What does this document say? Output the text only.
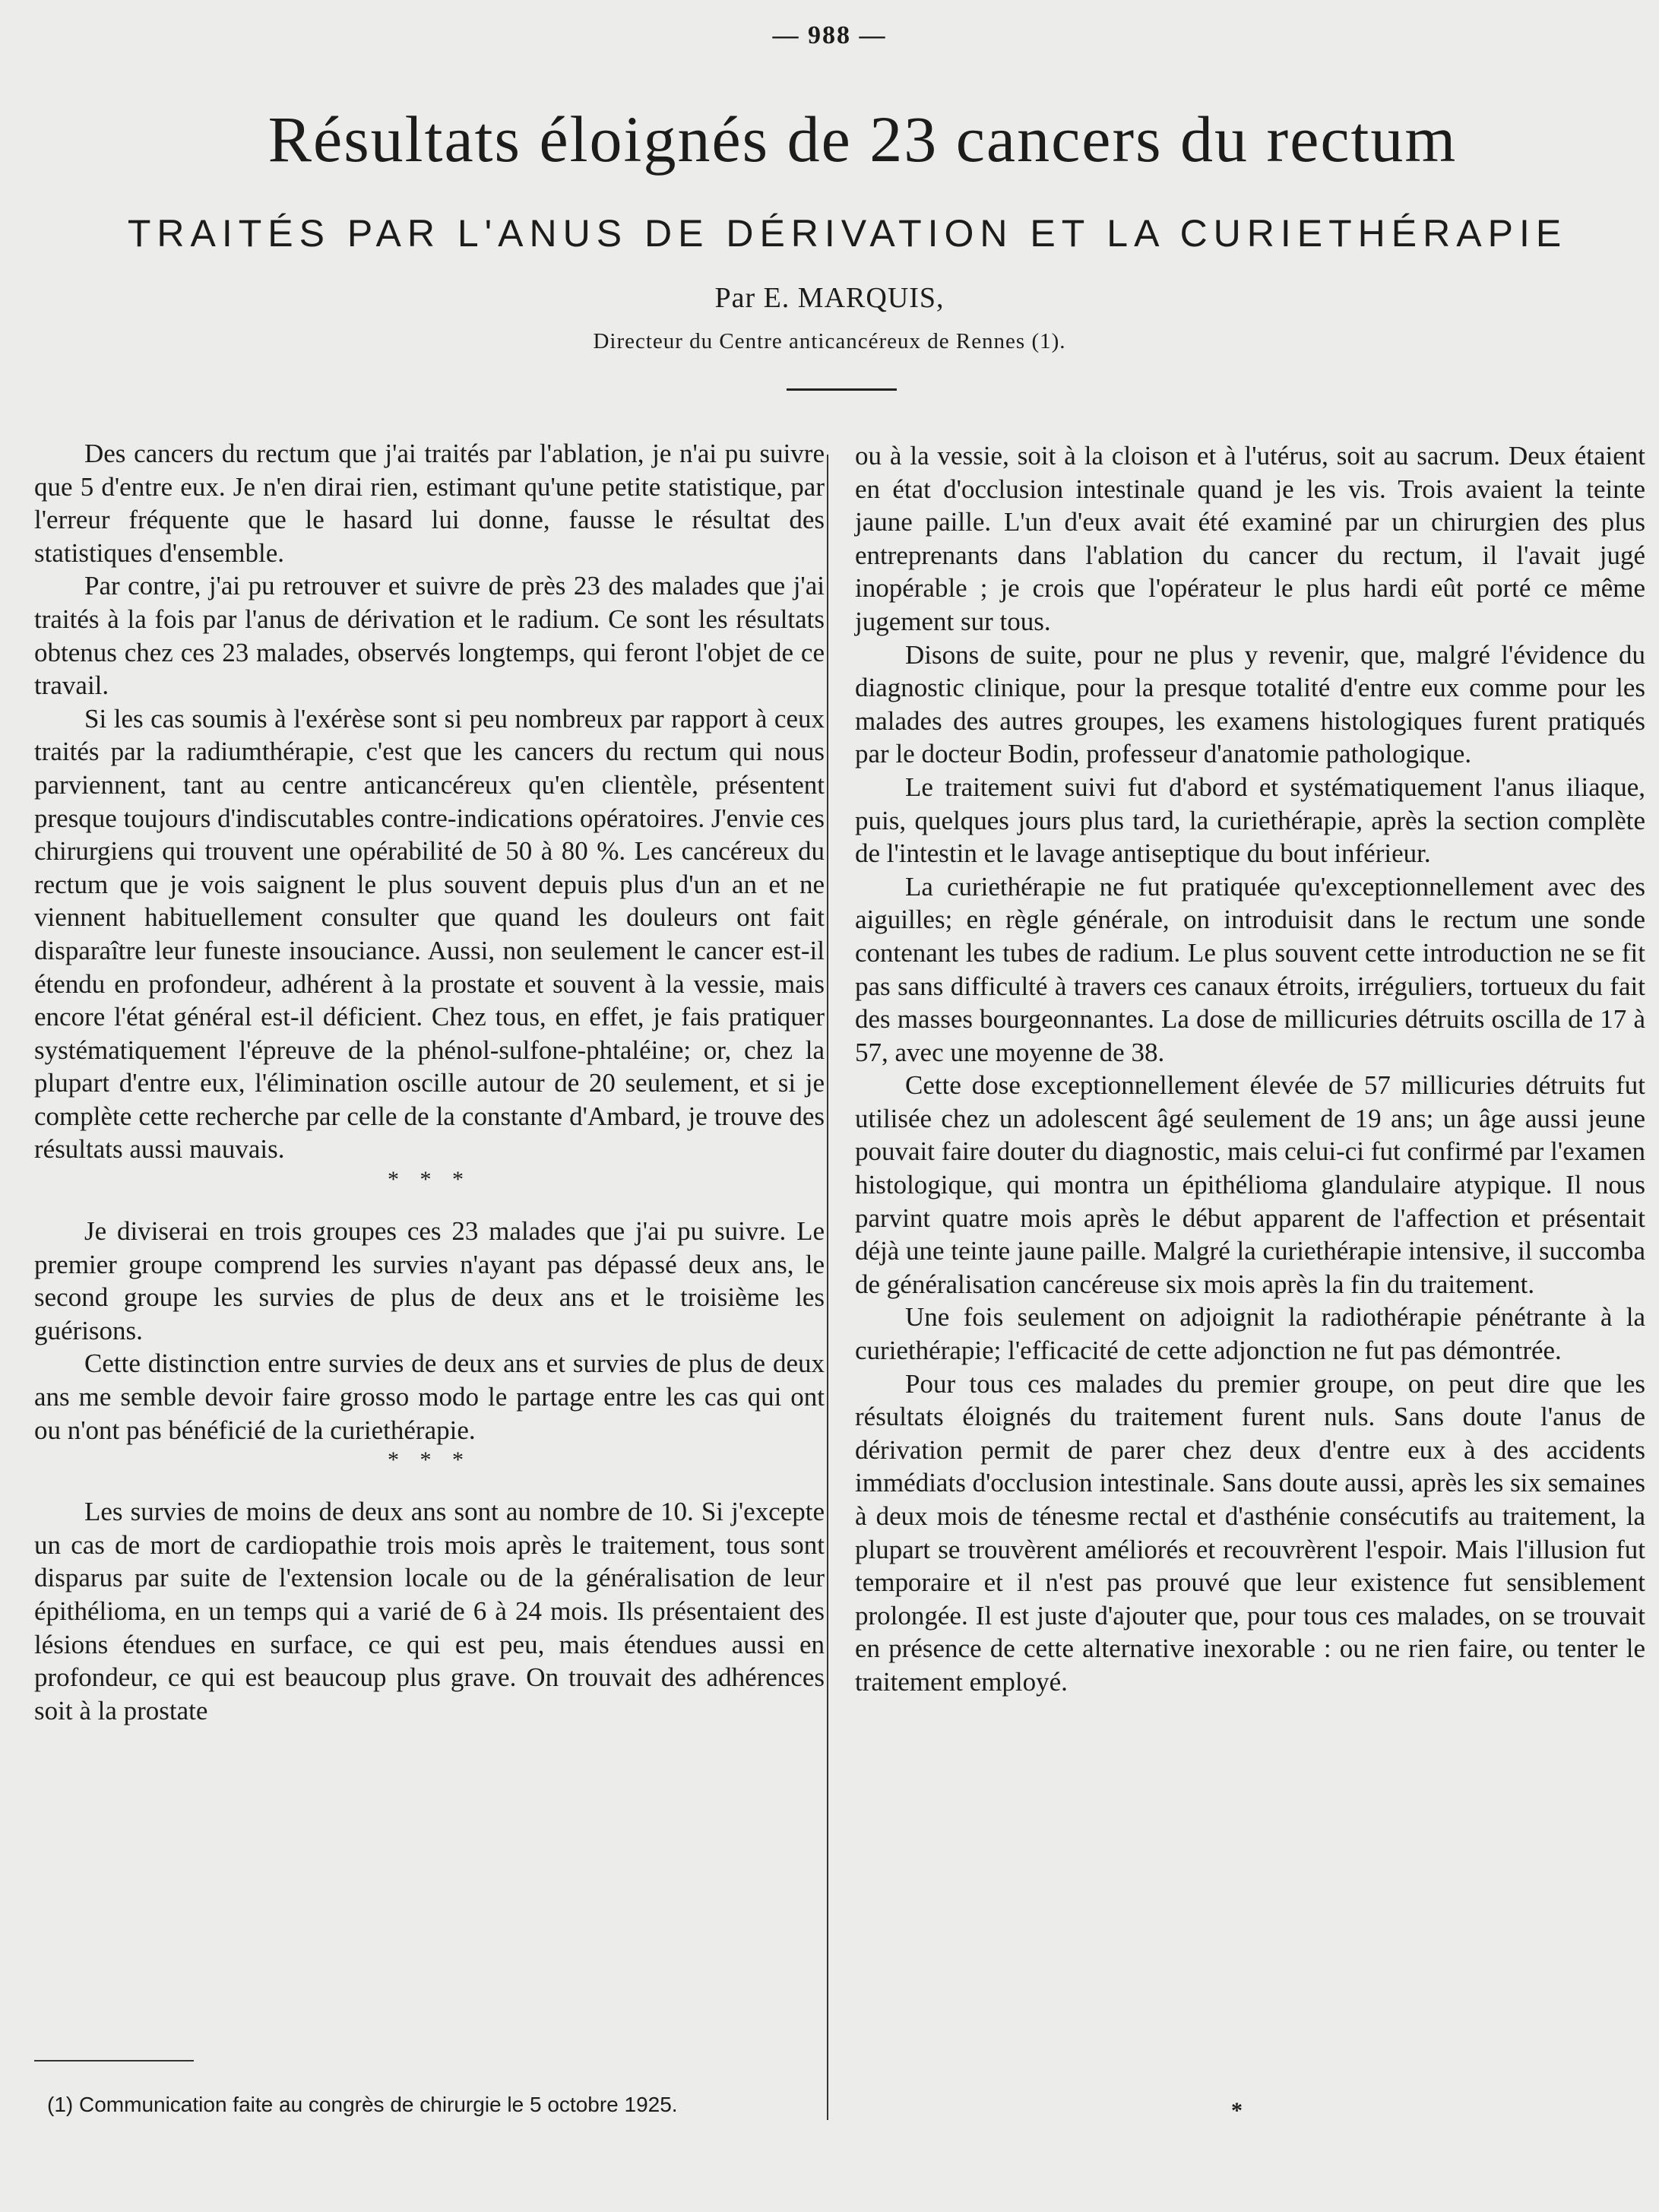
— 988 —
Résultats éloignés de 23 cancers du rectum
TRAITÉS PAR L'ANUS DE DÉRIVATION ET LA CURIETHÉRAPIE
Par E. MARQUIS,
Directeur du Centre anticancéreux de Rennes (1).

Des cancers du rectum que j'ai traités par l'ablation, je n'ai pu suivre que 5 d'entre eux. Je n'en dirai rien, estimant qu'une petite statistique, par l'erreur fréquente que le hasard lui donne, fausse le résultat des statistiques d'ensemble.

Par contre, j'ai pu retrouver et suivre de près 23 des malades que j'ai traités à la fois par l'anus de dérivation et le radium. Ce sont les résultats obtenus chez ces 23 malades, observés longtemps, qui feront l'objet de ce travail.

Si les cas soumis à l'exérèse sont si peu nombreux par rapport à ceux traités par la radiumthérapie, c'est que les cancers du rectum qui nous parviennent, tant au centre anticancéreux qu'en clientèle, présentent presque toujours d'indiscutables contre-indications opératoires. J'envie ces chirurgiens qui trouvent une opérabilité de 50 à 80 %. Les cancéreux du rectum que je vois saignent le plus souvent depuis plus d'un an et ne viennent habituellement consulter que quand les douleurs ont fait disparaître leur funeste insouciance. Aussi, non seulement le cancer est-il étendu en profondeur, adhérent à la prostate et souvent à la vessie, mais encore l'état général est-il déficient. Chez tous, en effet, je fais pratiquer systématiquement l'épreuve de la phénol-sulfone-phtaléine; or, chez la plupart d'entre eux, l'élimination oscille autour de 20 seulement, et si je complète cette recherche par celle de la constante d'Ambard, je trouve des résultats aussi mauvais.

* * *

Je diviserai en trois groupes ces 23 malades que j'ai pu suivre. Le premier groupe comprend les survies n'ayant pas dépassé deux ans, le second groupe les survies de plus de deux ans et le troisième les guérisons.

Cette distinction entre survies de deux ans et survies de plus de deux ans me semble devoir faire grosso modo le partage entre les cas qui ont ou n'ont pas bénéficié de la curiethérapie.

* * *

Les survies de moins de deux ans sont au nombre de 10. Si j'excepte un cas de mort de cardiopathie trois mois après le traitement, tous sont disparus par suite de l'extension locale ou de la généralisation de leur épithélioma, en un temps qui a varié de 6 à 24 mois. Ils présentaient des lésions étendues en surface, ce qui est peu, mais étendues aussi en profondeur, ce qui est beaucoup plus grave. On trouvait des adhérences soit à la prostate

ou à la vessie, soit à la cloison et à l'utérus, soit au sacrum. Deux étaient en état d'occlusion intestinale quand je les vis. Trois avaient la teinte jaune paille. L'un d'eux avait été examiné par un chirurgien des plus entreprenants dans l'ablation du cancer du rectum, il l'avait jugé inopérable ; je crois que l'opérateur le plus hardi eût porté ce même jugement sur tous.

Disons de suite, pour ne plus y revenir, que, malgré l'évidence du diagnostic clinique, pour la presque totalité d'entre eux comme pour les malades des autres groupes, les examens histologiques furent pratiqués par le docteur Bodin, professeur d'anatomie pathologique.

Le traitement suivi fut d'abord et systématiquement l'anus iliaque, puis, quelques jours plus tard, la curiethérapie, après la section complète de l'intestin et le lavage antiseptique du bout inférieur.

La curiethérapie ne fut pratiquée qu'exceptionnellement avec des aiguilles; en règle générale, on introduisit dans le rectum une sonde contenant les tubes de radium. Le plus souvent cette introduction ne se fit pas sans difficulté à travers ces canaux étroits, irréguliers, tortueux du fait des masses bourgeonnantes. La dose de millicuries détruits oscilla de 17 à 57, avec une moyenne de 38.

Cette dose exceptionnellement élevée de 57 millicuries détruits fut utilisée chez un adolescent âgé seulement de 19 ans; un âge aussi jeune pouvait faire douter du diagnostic, mais celui-ci fut confirmé par l'examen histologique, qui montra un épithélioma glandulaire atypique. Il nous parvint quatre mois après le début apparent de l'affection et présentait déjà une teinte jaune paille. Malgré la curiethérapie intensive, il succomba de généralisation cancéreuse six mois après la fin du traitement.

Une fois seulement on adjoignit la radiothérapie pénétrante à la curiethérapie; l'efficacité de cette adjonction ne fut pas démontrée.

Pour tous ces malades du premier groupe, on peut dire que les résultats éloignés du traitement furent nuls. Sans doute l'anus de dérivation permit de parer chez deux d'entre eux à des accidents immédiats d'occlusion intestinale. Sans doute aussi, après les six semaines à deux mois de ténesme rectal et d'asthénie consécutifs au traitement, la plupart se trouvèrent améliorés et recouvrèrent l'espoir. Mais l'illusion fut temporaire et il n'est pas prouvé que leur existence fut sensiblement prolongée. Il est juste d'ajouter que, pour tous ces malades, on se trouvait en présence de cette alternative inexorable : ou ne rien faire, ou tenter le traitement employé.

(1) Communication faite au congrès de chirurgie le 5 octobre 1925.	*
